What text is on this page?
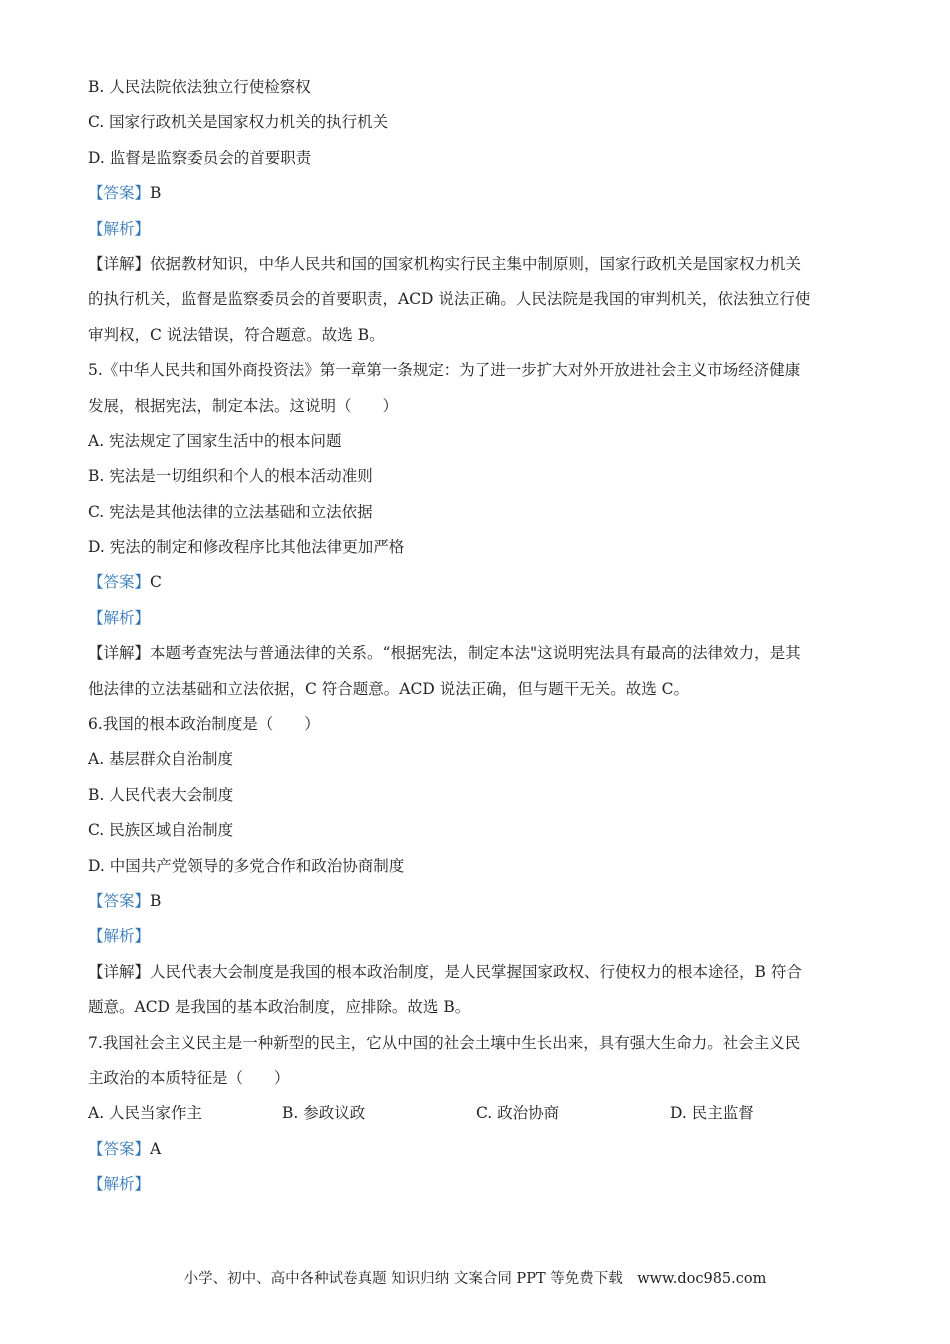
B. 人民法院依法独立行使检察权
C. 国家行政机关是国家权力机关的执行机关
D. 监督是监察委员会的首要职责
【答案】B
【解析】
【详解】依据教材知识，中华人民共和国的国家机构实行民主集中制原则，国家行政机关是国家权力机关
的执行机关，监督是监察委员会的首要职责，ACD 说法正确。人民法院是我国的审判机关，依法独立行使
审判权，C 说法错误，符合题意。故选 B。
5.《中华人民共和国外商投资法》第一章第一条规定：为了进一步扩大对外开放进社会主义市场经济健康
发展，根据宪法，制定本法。这说明（　　）
A. 宪法规定了国家生活中的根本问题
B. 宪法是一切组织和个人的根本活动准则
C. 宪法是其他法律的立法基础和立法依据
D. 宪法的制定和修改程序比其他法律更加严格
【答案】C
【解析】
【详解】本题考查宪法与普通法律的关系。“根据宪法，制定本法"这说明宪法具有最高的法律效力，是其
他法律的立法基础和立法依据，C 符合题意。ACD 说法正确，但与题干无关。故选 C。
6.我国的根本政治制度是（　　）
A. 基层群众自治制度
B. 人民代表大会制度
C. 民族区域自治制度
D. 中国共产党领导的多党合作和政治协商制度
【答案】B
【解析】
【详解】人民代表大会制度是我国的根本政治制度，是人民掌握国家政权、行使权力的根本途径，B 符合
题意。ACD 是我国的基本政治制度，应排除。故选 B。
7.我国社会主义民主是一种新型的民主，它从中国的社会土壤中生长出来，具有强大生命力。社会主义民
主政治的本质特征是（　　）
A. 人民当家作主	B. 参政议政	C. 政治协商	D. 民主监督
【答案】A
【解析】
小学、初中、高中各种试卷真题 知识归纳 文案合同 PPT 等免费下载　www.doc985.com
